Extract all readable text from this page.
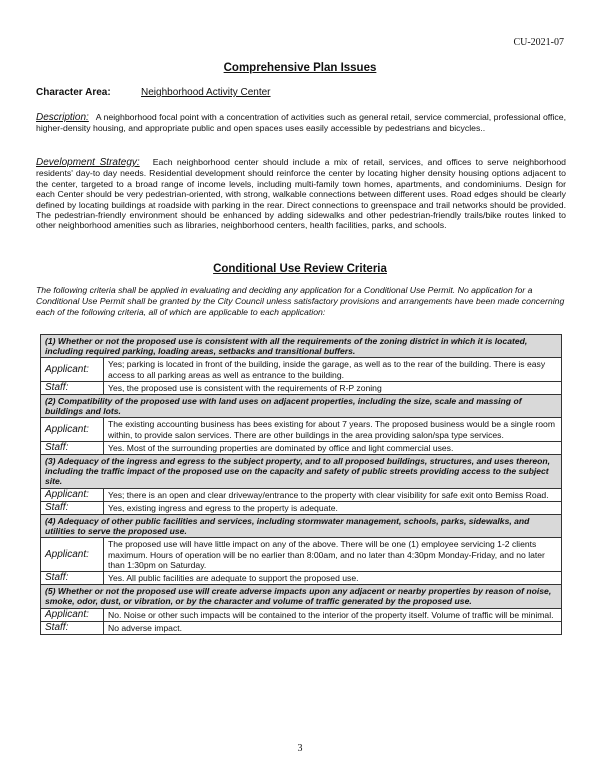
CU-2021-07
Comprehensive Plan Issues
Character Area:	Neighborhood Activity Center

Description: A neighborhood focal point with a concentration of activities such as general retail, service commercial, professional office, higher-density housing, and appropriate public and open spaces uses easily accessible by pedestrians and bicycles..

Development Strategy: Each neighborhood center should include a mix of retail, services, and offices to serve neighborhood residents' day-to day needs. Residential development should reinforce the center by locating higher density housing options adjacent to the center, targeted to a broad range of income levels, including multi-family town homes, apartments, and condominiums. Design for each Center should be very pedestrian-oriented, with strong, walkable connections between different uses. Road edges should be clearly defined by locating buildings at roadside with parking in the rear. Direct connections to greenspace and trail networks should be provided. The pedestrian-friendly environment should be enhanced by adding sidewalks and other pedestrian-friendly trails/bike routes linked to other neighborhood amenities such as libraries, neighborhood centers, health facilities, parks, and schools.

Conditional Use Review Criteria

The following criteria shall be applied in evaluating and deciding any application for a Conditional Use Permit. No application for a Conditional Use Permit shall be granted by the City Council unless satisfactory provisions and arrangements have been made concerning each of the following criteria, all of which are applicable to each application:

(1) Whether or not the proposed use is consistent with all the requirements of the zoning district in which it is located, including required parking, loading areas, setbacks and transitional buffers.	
Applicant:	Yes; parking is located in front of the building, inside the garage, as well as to the rear of the building. There is easy access to all parking areas as well as entrance to the building.
Staff:	Yes, the proposed use is consistent with the requirements of R-P zoning
(2) Compatibility of the proposed use with land uses on adjacent properties, including the size, scale and massing of buildings and lots.	
Applicant:	The existing accounting business has bees existing for about 7 years. The proposed business would be a single room within, to provide salon services. There are other buildings in the area providing salon/spa type services.
Staff:	Yes. Most of the surrounding properties are dominated by office and light commercial uses.
(3) Adequacy of the ingress and egress to the subject property, and to all proposed buildings, structures, and uses thereon, including the traffic impact of the proposed use on the capacity and safety of public streets providing access to the subject site.	
Applicant:	Yes; there is an open and clear driveway/entrance to the property with clear visibility for safe exit onto Bemiss Road.
Staff:	Yes, existing ingress and egress to the property is adequate.
(4) Adequacy of other public facilities and services, including stormwater management, schools, parks, sidewalks, and utilities to serve the proposed use.	
Applicant:	The proposed use will have little impact on any of the above. There will be one (1) employee servicing 1-2 clients maximum. Hours of operation will be no earlier than 8:00am, and no later than 4:30pm Monday-Friday, and no later than 1:30pm on Saturday.
Staff:	Yes. All public facilities are adequate to support the proposed use.
(5) Whether or not the proposed use will create adverse impacts upon any adjacent or nearby properties by reason of noise, smoke, odor, dust, or vibration, or by the character and volume of traffic generated by the proposed use.	
Applicant:	No. Noise or other such impacts will be contained to the interior of the property itself. Volume of traffic will be minimal.
Staff:	No adverse impact.
3
